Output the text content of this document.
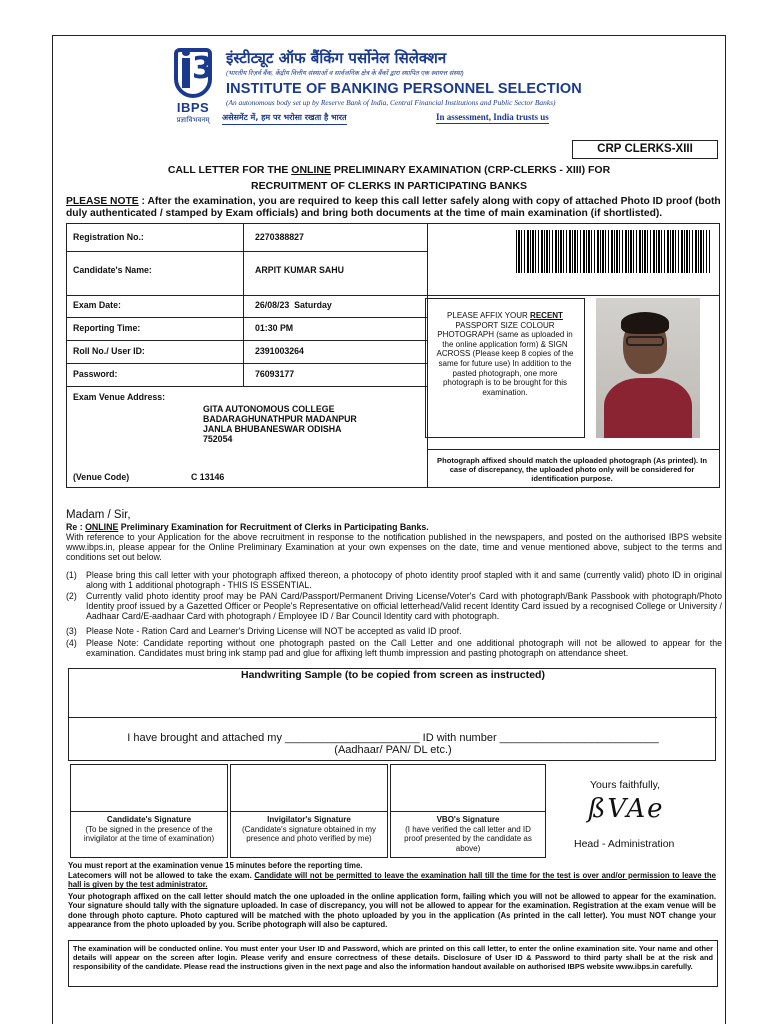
3
IBPS
प्रज्ञाविभवनम्
इंस्टीट्यूट ऑफ बैंकिंग पर्सोनेल सिलेक्शन
(भारतीय रिज़र्व बैंक, केंद्रीय वित्तीय संस्थाओं व सार्वजनिक क्षेत्र के बैंकों द्वारा स्थापित एक स्वायत्त संस्था)
INSTITUTE OF BANKING PERSONNEL SELECTION
(An autonomous body set up by Reserve Bank of India, Central Financial Institutions and Public Sector Banks)
असेसमेंट में, हम पर भरोसा रखता है भारत	In assessment, India trusts us
CRP CLERKS-XIII
CALL LETTER FOR THE ONLINE PRELIMINARY EXAMINATION (CRP-CLERKS - XIII) FOR
RECRUITMENT OF CLERKS IN PARTICIPATING BANKS
PLEASE NOTE : After the examination, you are required to keep this call letter safely along with copy of attached Photo ID proof (both duly authenticated / stamped by Exam officials) and bring both documents at the time of main examination (if shortlisted).
Registration No.:	2270388827
Candidate's Name:	ARPIT KUMAR SAHU
Exam Date:	26/08/23  Saturday
Reporting Time:	01:30 PM
Roll No./ User ID:	2391003264
Password:	76093177
Exam Venue Address:
GITA AUTONOMOUS COLLEGE
BADARAGHUNATHPUR MADANPUR
JANLA BHUBANESWAR ODISHA
752054
(Venue Code)	C 13146
PLEASE AFFIX YOUR RECENT PASSPORT SIZE COLOUR PHOTOGRAPH (same as uploaded in the online application form) & SIGN ACROSS (Please keep 8 copies of the same for future use) In addition to the pasted photograph, one more photograph is to be brought for this examination.
Photograph affixed should match the uploaded photograph (As printed). In case of discrepancy, the uploaded photo only will be considered for identification purpose.
Madam / Sir,
Re : ONLINE Preliminary Examination for Recruitment of Clerks in Participating Banks.
With reference to your Application for the above recruitment in response to the notification published in the newspapers, and posted on the authorised IBPS website www.ibps.in, please appear for the Online Preliminary Examination at your own expenses on the date, time and venue mentioned above, subject to the terms and conditions set out below.
(1) Please bring this call letter with your photograph affixed thereon, a photocopy of photo identity proof stapled with it and same (currently valid) photo ID in original along with 1 additional photograph - THIS IS ESSENTIAL.
(2) Currently valid photo identity proof may be PAN Card/Passport/Permanent Driving License/Voter's Card with photograph/Bank Passbook with photograph/Photo Identity proof issued by a Gazetted Officer or People's Representative on official letterhead/Valid recent Identity Card issued by a recognised College or University / Aadhaar Card/E-aadhaar Card with photograph / Employee ID / Bar Council Identity card with photograph.
(3) Please Note - Ration Card and Learner's Driving License will NOT be accepted as valid ID proof.
(4) Please Note: Candidate reporting without one photograph pasted on the Call Letter and one additional photograph will not be allowed to appear for the examination. Candidates must bring ink stamp pad and glue for affixing left thumb impression and pasting photograph on attendance sheet.
Handwriting Sample (to be copied from screen as instructed)
I have brought and attached my ______________________ ID with number __________________________
(Aadhaar/ PAN/ DL etc.)
Candidate's Signature
(To be signed in the presence of the invigilator at the time of examination)
Invigilator's Signature
(Candidate's signature obtained in my presence and photo verified by me)
VBO's Signature
(I have verified the call letter and ID proof presented by the candidate as above)
Yours faithfully,
ßVAe
Head - Administration
You must report at the examination venue 15 minutes before the reporting time.
Latecomers will not be allowed to take the exam. Candidate will not be permitted to leave the examination hall till the time for the test is over and/or permission to leave the hall is given by the test administrator.
Your photograph affixed on the call letter should match the one uploaded in the online application form, failing which you will not be allowed to appear for the examination. Your signature should tally with the signature uploaded. In case of discrepancy, you will not be allowed to appear for the examination. Registration at the exam venue will be done through photo capture. Photo captured will be matched with the photo uploaded by you in the application (As printed in the call letter). You must NOT change your appearance from the photo uploaded by you. Scribe photograph will also be captured.
The examination will be conducted online. You must enter your User ID and Password, which are printed on this call letter, to enter the online examination site. Your name and other details will appear on the screen after login. Please verify and ensure correctness of these details. Disclosure of User ID & Password to third party shall be at the risk and responsibility of the candidate. Please read the instructions given in the next page and also the information handout available on authorised IBPS website www.ibps.in carefully.
